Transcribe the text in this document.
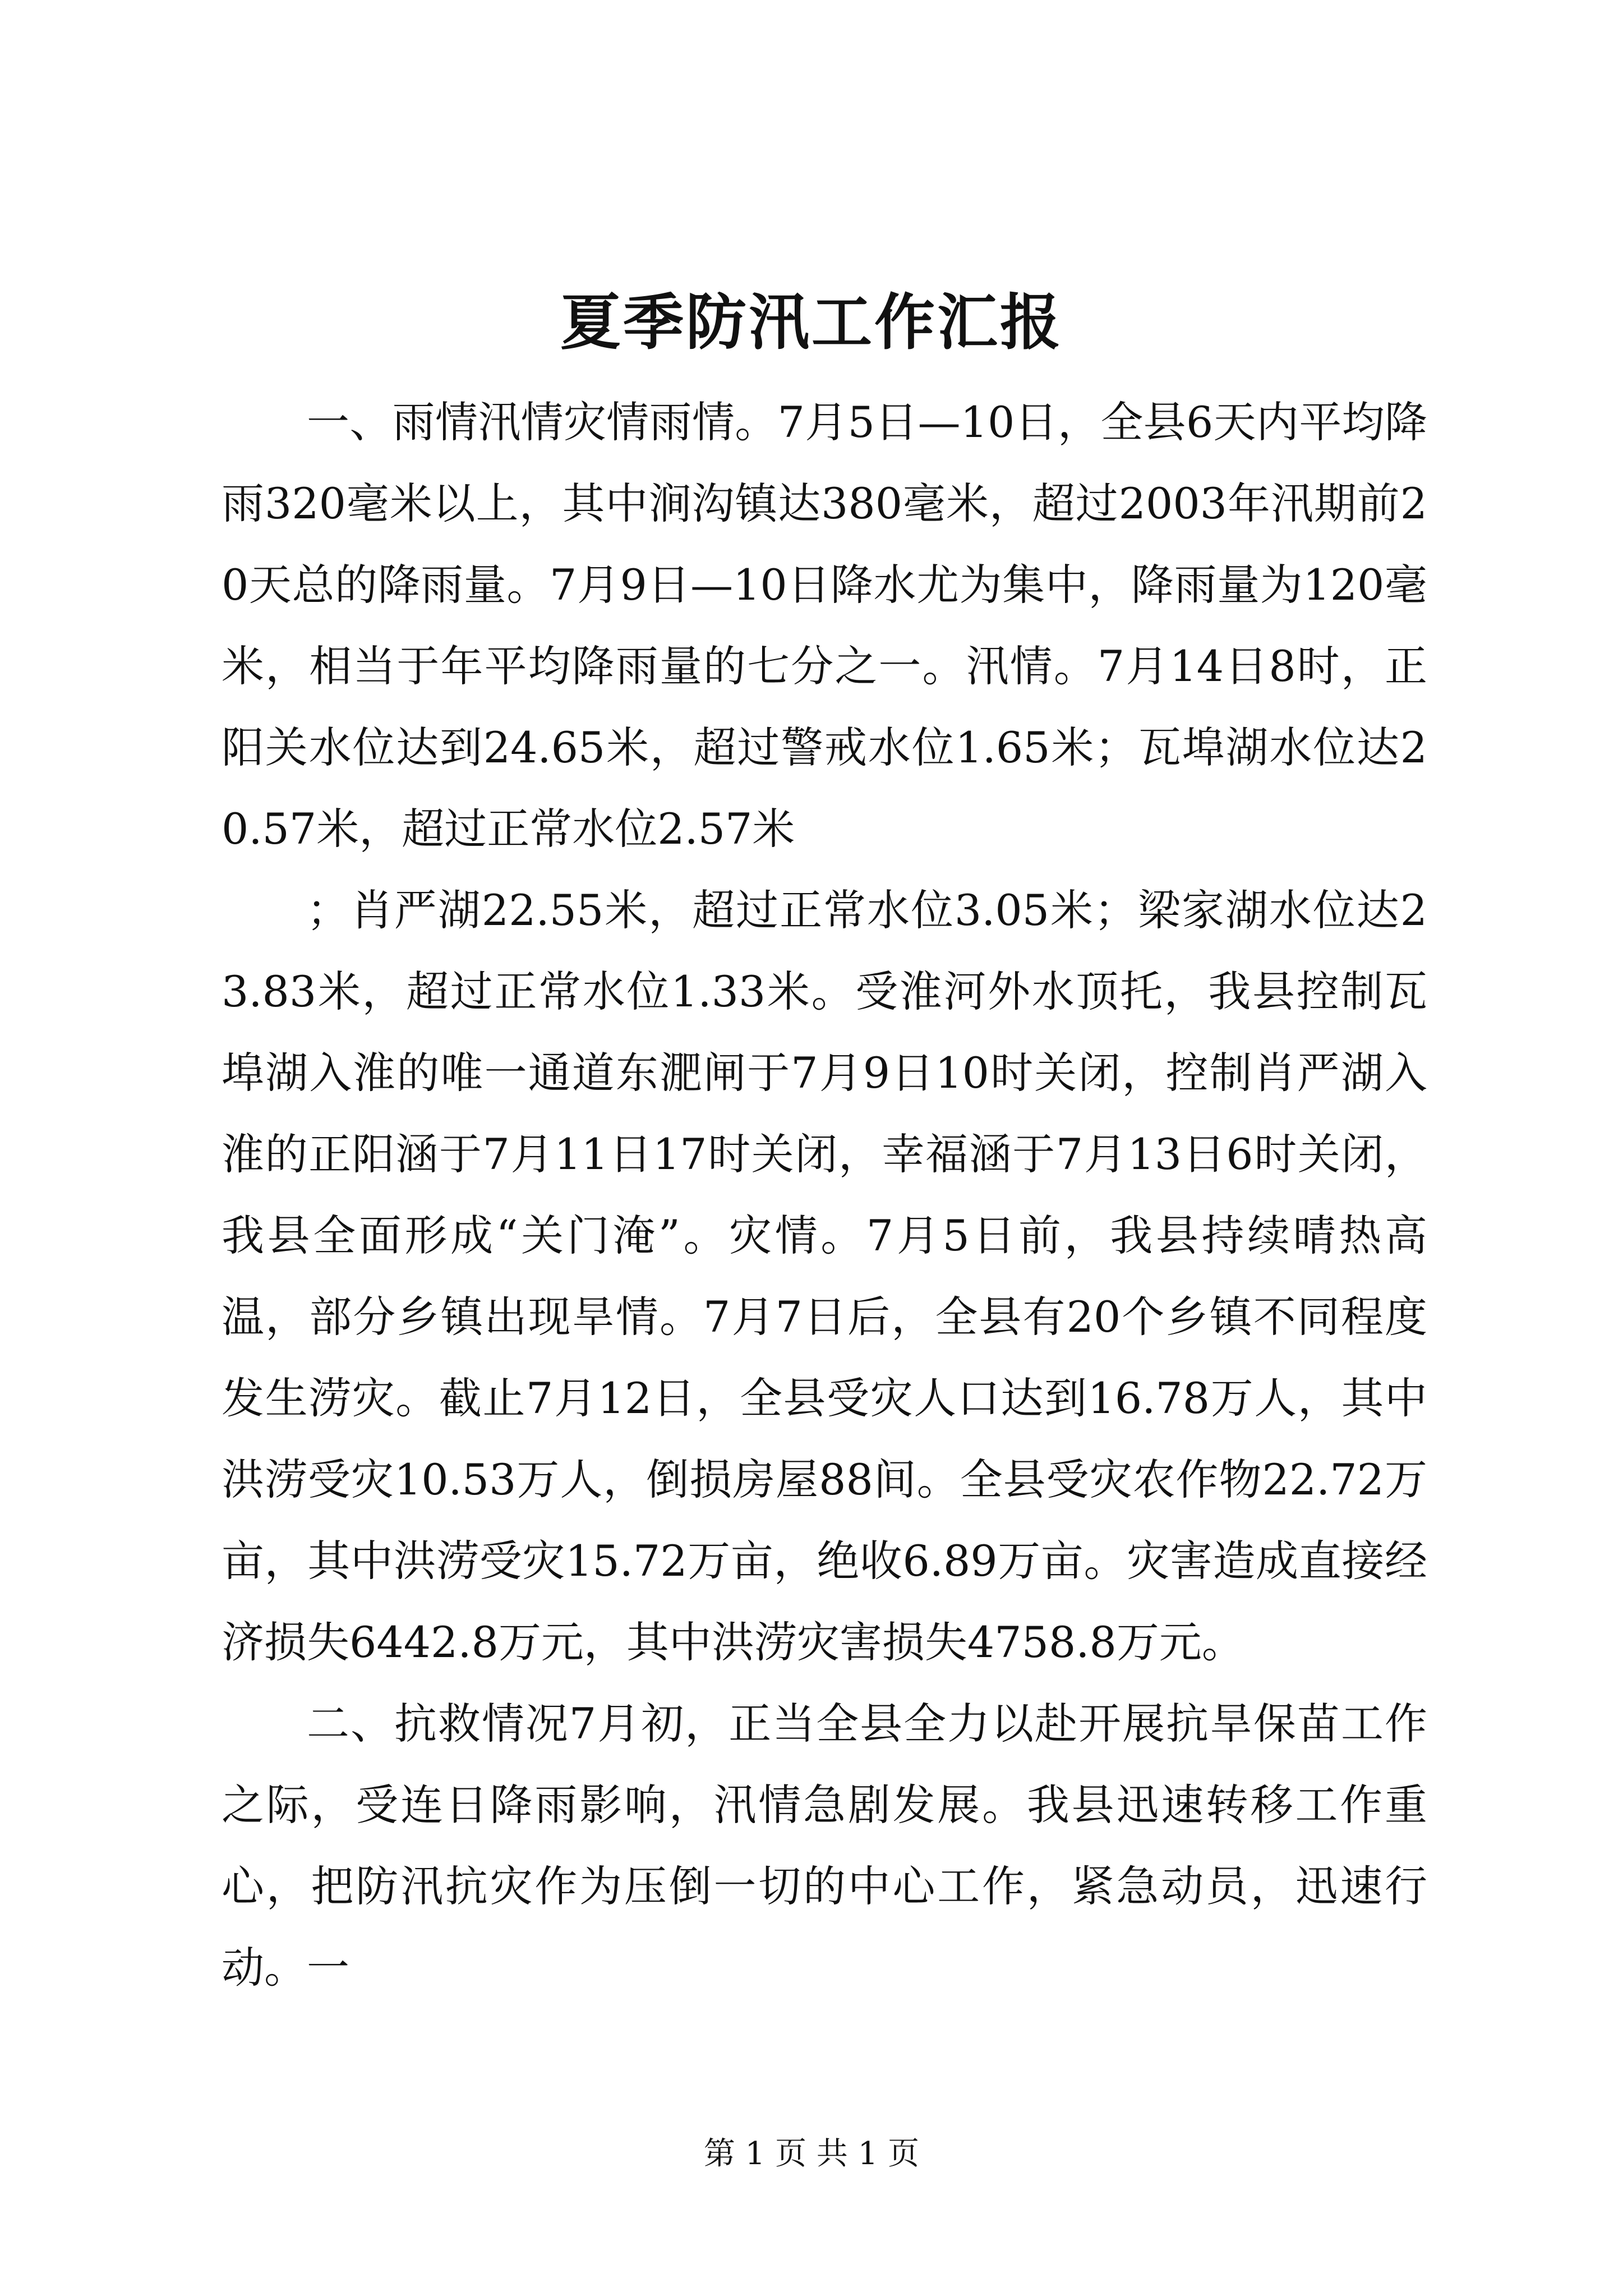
夏季防汛工作汇报

一、雨情汛情灾情雨情。7月5日—10日，全县6天内平均降雨320毫米以上，其中涧沟镇达380毫米，超过2003年汛期前20天总的降雨量。7月9日—10日降水尤为集中，降雨量为120毫米，相当于年平均降雨量的七分之一。汛情。7月14日8时，正阳关水位达到24.65米，超过警戒水位1.65米；瓦埠湖水位达20.57米，超过正常水位2.57米

；肖严湖22.55米，超过正常水位3.05米；梁家湖水位达23.83米，超过正常水位1.33米。受淮河外水顶托，我县控制瓦埠湖入淮的唯一通道东淝闸于7月9日10时关闭，控制肖严湖入淮的正阳涵于7月11日17时关闭，幸福涵于7月13日6时关闭，我县全面形成“关门淹”。灾情。7月5日前，我县持续晴热高温，部分乡镇出现旱情。7月7日后，全县有20个乡镇不同程度发生涝灾。截止7月12日，全县受灾人口达到16.78万人，其中洪涝受灾10.53万人，倒损房屋88间。全县受灾农作物22.72万亩，其中洪涝受灾15.72万亩，绝收6.89万亩。灾害造成直接经济损失6442.8万元，其中洪涝灾害损失4758.8万元。

二、抗救情况7月初，正当全县全力以赴开展抗旱保苗工作之际，受连日降雨影响，汛情急剧发展。我县迅速转移工作重心，把防汛抗灾作为压倒一切的中心工作，紧急动员，迅速行动。一

第 1 页 共 1 页
